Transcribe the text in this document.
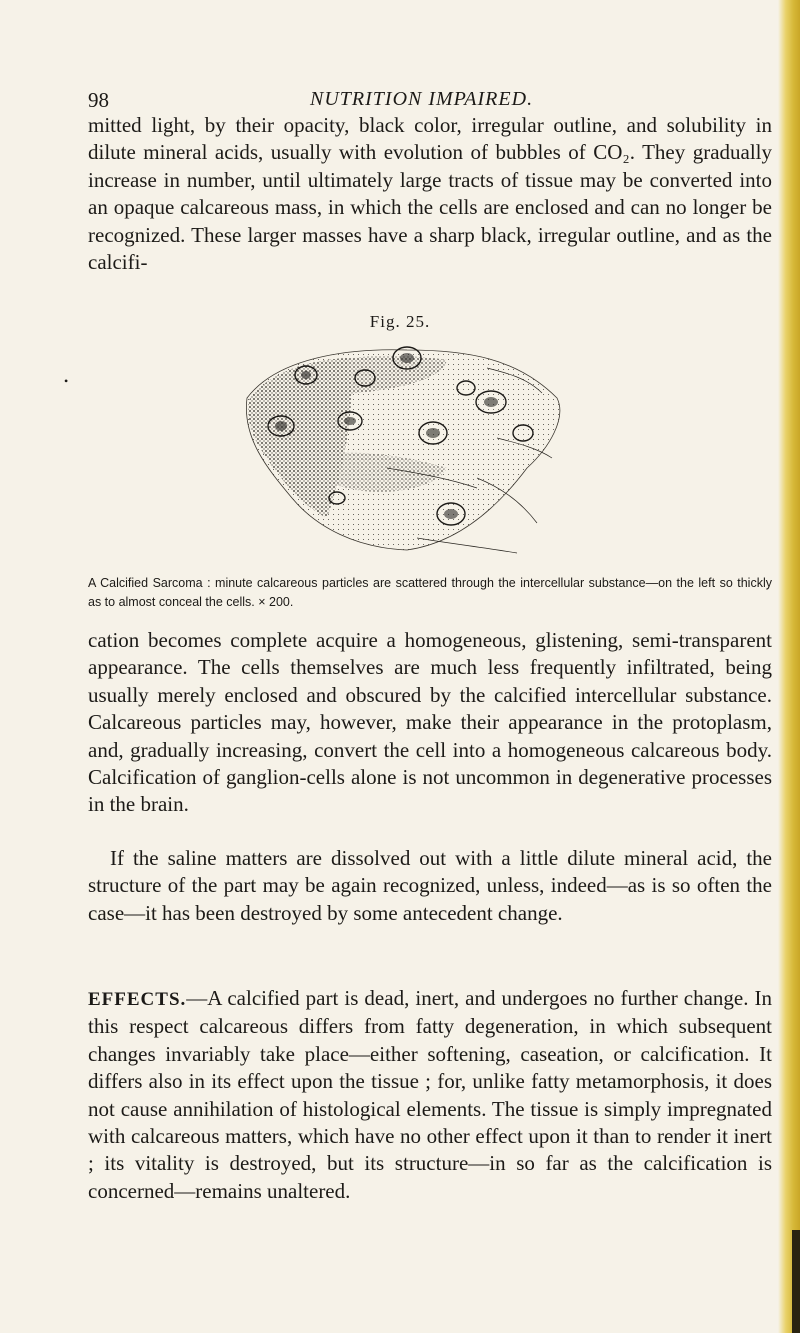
98	NUTRITION IMPAIRED.

mitted light, by their opacity, black color, irregular outline, and solubility in dilute mineral acids, usually with evolution of bubbles of CO₂. They gradually increase in number, until ultimately large tracts of tissue may be converted into an opaque calcareous mass, in which the cells are enclosed and can no longer be recognized. These larger masses have a sharp black, irregular outline, and as the calcifi-

Fig. 25.
•
A Calcified Sarcoma : minute calcareous particles are scattered through the intercellular substance—on the left so thickly as to almost conceal the cells. × 200.

cation becomes complete acquire a homogeneous, glistening, semi-transparent appearance. The cells themselves are much less frequently infiltrated, being usually merely enclosed and obscured by the calcified intercellular substance. Calcareous particles may, however, make their appearance in the protoplasm, and, gradually increasing, convert the cell into a homogeneous calcareous body. Calcification of ganglion-cells alone is not uncommon in degenerative processes in the brain.

If the saline matters are dissolved out with a little dilute mineral acid, the structure of the part may be again recognized, unless, indeed—as is so often the case—it has been destroyed by some antecedent change.

EFFECTS.—A calcified part is dead, inert, and undergoes no further change. In this respect calcareous differs from fatty degeneration, in which subsequent changes invariably take place—either softening, caseation, or calcification. It differs also in its effect upon the tissue ; for, unlike fatty metamorphosis, it does not cause annihilation of histological elements. The tissue is simply impregnated with calcareous matters, which have no other effect upon it than to render it inert ; its vitality is destroyed, but its structure—in so far as the calcification is concerned—remains unaltered.
